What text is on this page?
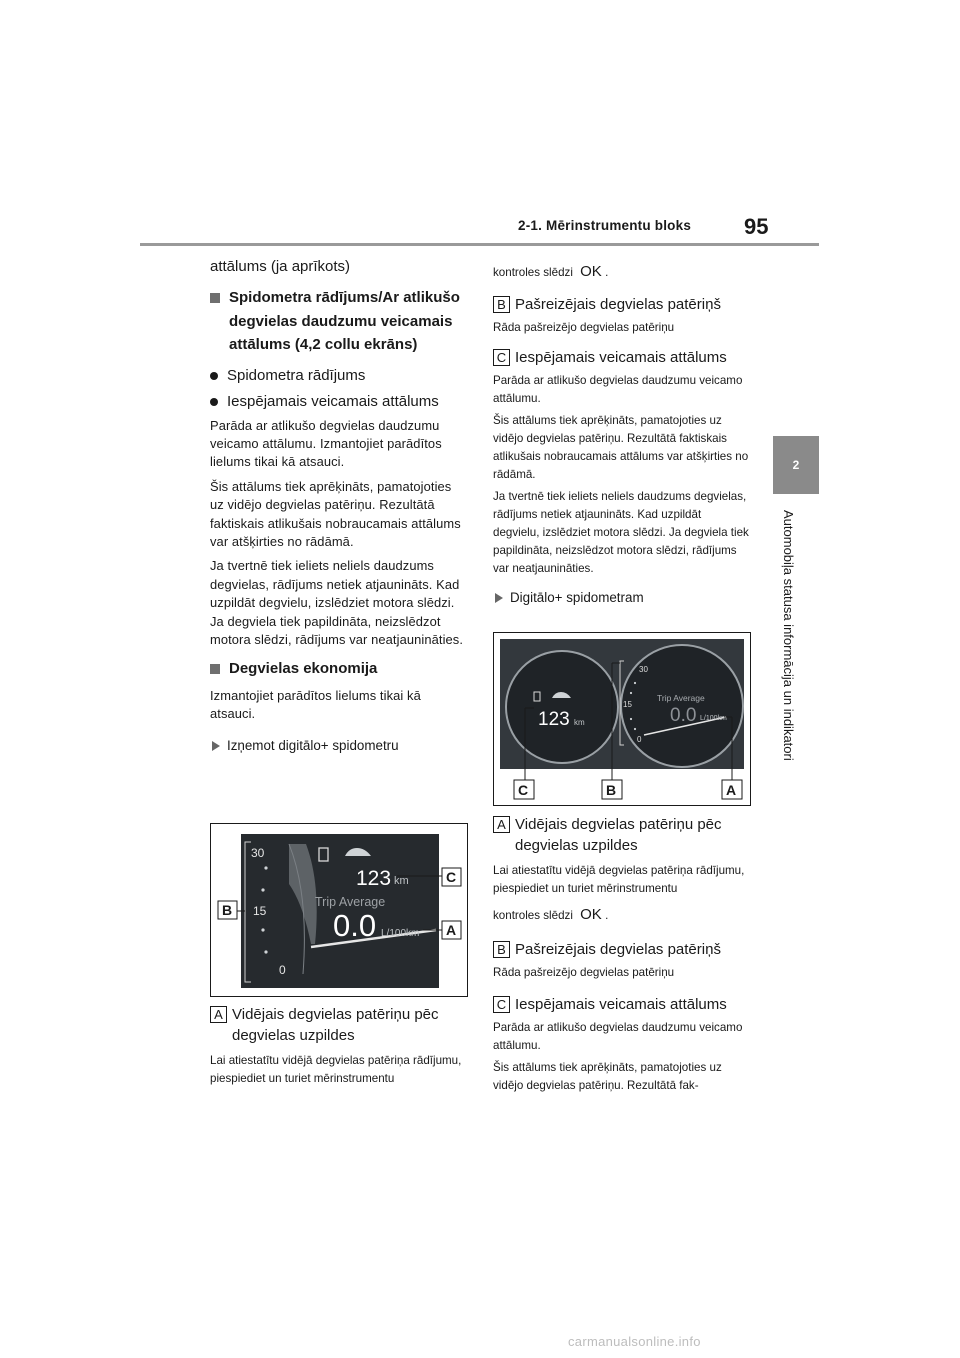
2-1. Mērinstrumentu bloks 95
2
Automobiļa statusa informācija un indikatori

attālums (ja aprīkots)

Spidometra rādījums/Ar atlikušo degvielas daudzumu veicamais attālums (4,2 collu ekrāns)

Spidometra rādījums

Iespējamais veicamais attālums

Parāda ar atlikušo degvielas daudzumu veicamo attālumu. Izmantojiet parādītos lielums tikai kā atsauci.

Šis attālums tiek aprēķināts, pamatojoties uz vidējo degvielas patēriņu. Rezultātā faktiskais atlikušais nobraucamais attālums var atšķirties no rādāmā.

Ja tvertnē tiek ieliets neliels daudzums degvielas, rādījums netiek atjaunināts. Kad uzpildāt degvielu, izslēdziet motora slēdzi. Ja degviela tiek papildināta, neizslēdzot motora slēdzi, rādījums var neatjaunināties.

Degvielas ekonomija

Izmantojiet parādītos lielums tikai kā atsauci.

Izņemot digitālo+ spidometru

30
15
0
123 km
Trip Average
0.0 L/100km
B
C
A

A Vidējais degvielas patēriņu pēc degvielas uzpildes

Lai atiestatītu vidējā degvielas patēriņa rādījumu, piespiediet un turiet mērinstrumentu

kontroles slēdzi OK .

B Pašreizējais degvielas patēriņš

Rāda pašreizējo degvielas patēriņu

C Iespējamais veicamais attālums

Parāda ar atlikušo degvielas daudzumu veicamo attālumu.

Šis attālums tiek aprēķināts, pamatojoties uz vidējo degvielas patēriņu. Rezultātā faktiskais atlikušais nobraucamais attālums var atšķirties no rādāmā.

Ja tvertnē tiek ieliets neliels daudzums degvielas, rādījums netiek atjaunināts. Kad uzpildāt degvielu, izslēdziet motora slēdzi. Ja degviela tiek papildināta, neizslēdzot motora slēdzi, rādījums var neatjaunināties.

Digitālo+ spidometram

123 km
30
15
0
Trip Average
0.0 L/100km
C	B	A

A Vidējais degvielas patēriņu pēc degvielas uzpildes

Lai atiestatītu vidējā degvielas patēriņa rādījumu, piespiediet un turiet mērinstrumentu

kontroles slēdzi OK .

B Pašreizējais degvielas patēriņš

Rāda pašreizējo degvielas patēriņu

C Iespējamais veicamais attālums

Parāda ar atlikušo degvielas daudzumu veicamo attālumu.

Šis attālums tiek aprēķināts, pamatojoties uz vidējo degvielas patēriņu. Rezultātā fak-

carmanualsonline.info
